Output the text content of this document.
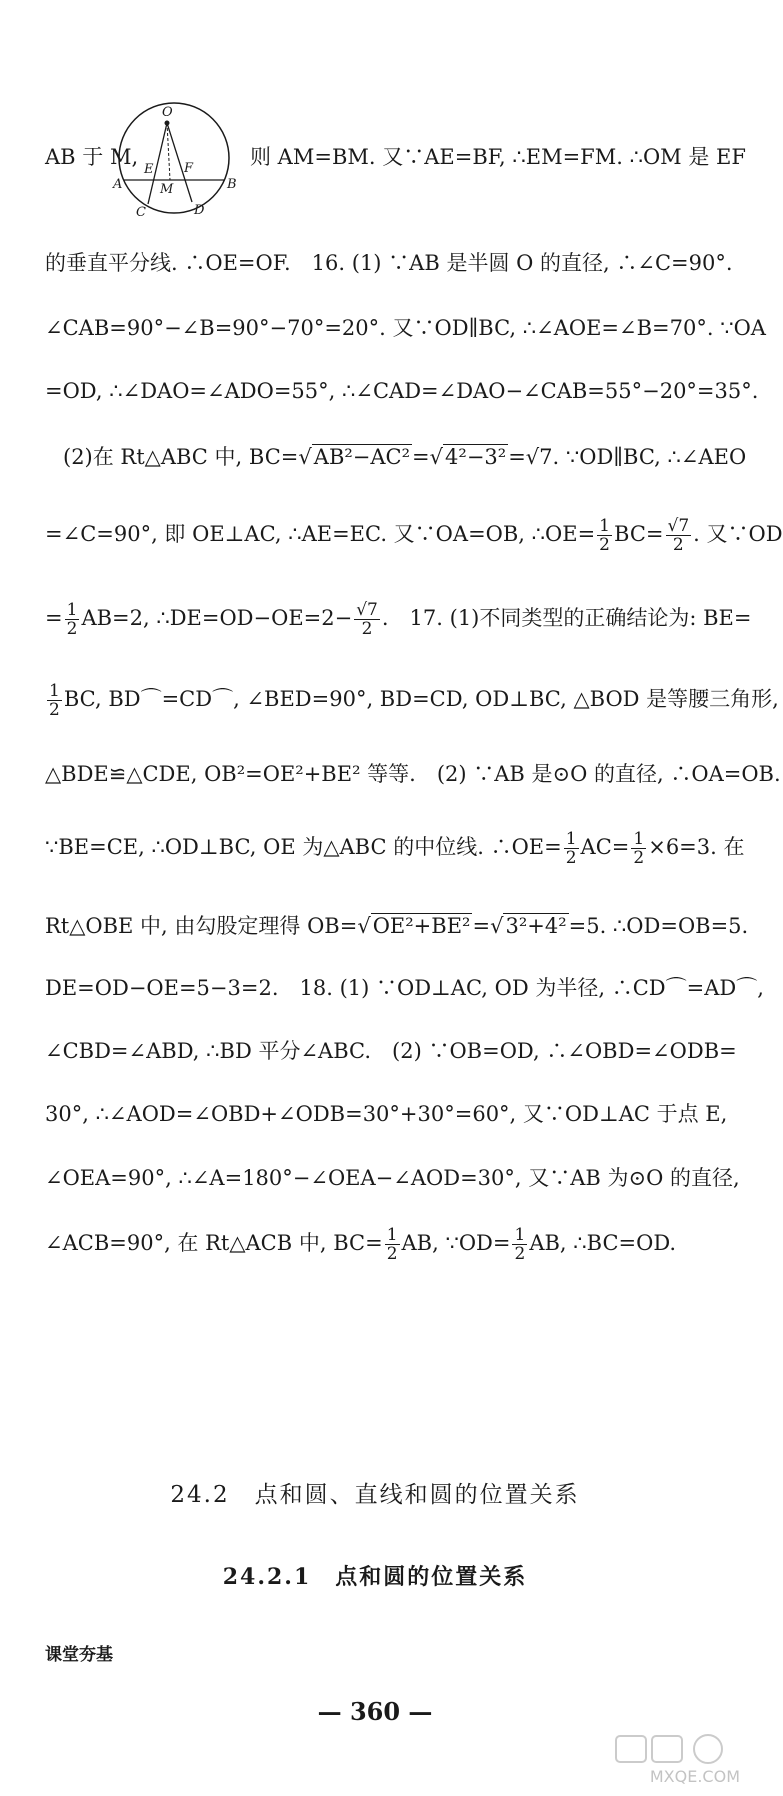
O
E F
M
A	B
C	D
AB 于 M,	则 AM=BM. 又∵AE=BF, ∴EM=FM. ∴OM 是 EF
的垂直平分线. ∴OE=OF.　16. (1) ∵AB 是半圆 O 的直径, ∴∠C=90°.
∠CAB=90°−∠B=90°−70°=20°. 又∵OD∥BC, ∴∠AOE=∠B=70°. ∵OA
=OD, ∴∠DAO=∠ADO=55°, ∴∠CAD=∠DAO−∠CAB=55°−20°=35°.
(2)在 Rt△ABC 中, BC=√AB²−AC²=√4²−3²=√7. ∵OD∥BC, ∴∠AEO
=∠C=90°, 即 OE⊥AC, ∴AE=EC. 又∵OA=OB, ∴OE= $\frac{1}{2} BC= \frac{√7}{2}$ . 又∵OD
= $\frac{1}{2} AB=2$, ∴DE=OD−OE=2− $\frac{√7}{2}$ .　17. (1)不同类型的正确结论为: BE=
$\frac{1}{2}$ BC, BD⌒=CD⌒, ∠BED=90°, BD=CD, OD⊥BC, △BOD 是等腰三角形,
△BDE≌△CDE, OB²=OE²+BE² 等等.　(2) ∵AB 是⊙O 的直径, ∴OA=OB.
∵BE=CE, ∴OD⊥BC, OE 为△ABC 的中位线. ∴OE= $\frac{1}{2} AC= \frac{1}{2} \times 6=3$. 在
Rt△OBE 中, 由勾股定理得 OB=√OE²+BE²=√3²+4²=5. ∴OD=OB=5.
DE=OD−OE=5−3=2.　18. (1) ∵OD⊥AC, OD 为半径, ∴CD⌒=AD⌒,
∠CBD=∠ABD, ∴BD 平分∠ABC.　(2) ∵OB=OD, ∴∠OBD=∠ODB=
30°, ∴∠AOD=∠OBD+∠ODB=30°+30°=60°, 又∵OD⊥AC 于点 E,
∠OEA=90°, ∴∠A=180°−∠OEA−∠AOD=30°, 又∵AB 为⊙O 的直径,
∠ACB=90°, 在 Rt△ACB 中, $BC= \frac{1}{2}$ AB, ∵OD= $\frac{1}{2}$ AB, ∴BC=OD.
24.2　点和圆、直线和圆的位置关系
24.2.1　点和圆的位置关系
课堂夯基
— 360 —
MXQE.COM
